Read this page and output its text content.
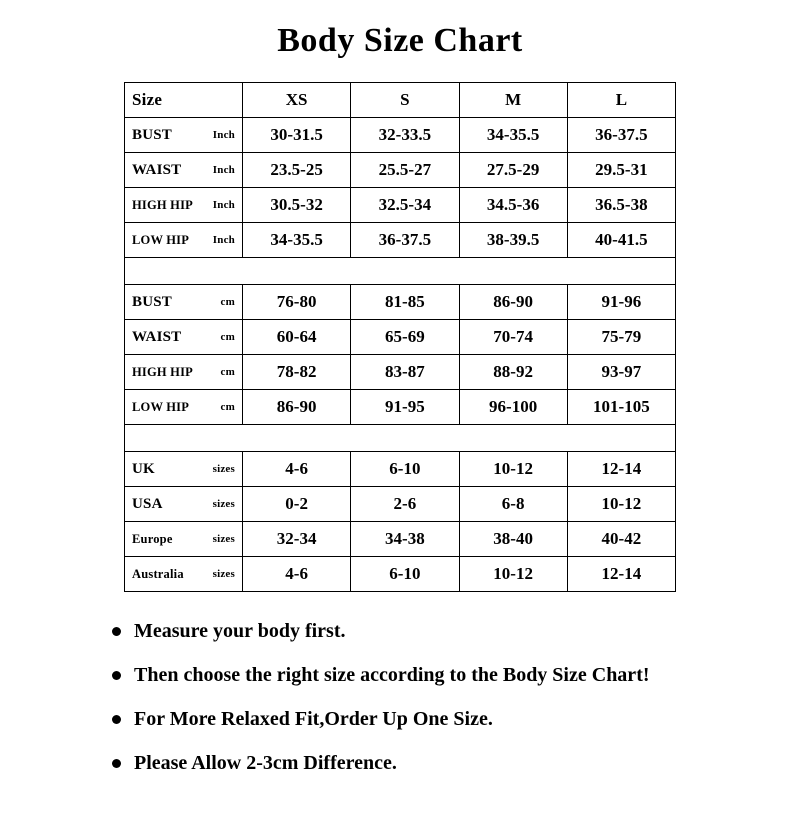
Body Size Chart
Size	XS	S	M	L

BUST Inch	30-31.5	32-33.5	34-35.5	36-37.5

WAIST Inch	23.5-25	25.5-27	27.5-29	29.5-31

HIGH HIP Inch	30.5-32	32.5-34	34.5-36	36.5-38

LOW HIP Inch	34-35.5	36-37.5	38-39.5	40-41.5

BUST cm	76-80	81-85	86-90	91-96

WAIST cm	60-64	65-69	70-74	75-79

HIGH HIP cm	78-82	83-87	88-92	93-97

LOW HIP cm	86-90	91-95	96-100	101-105

UK sizes	4-6	6-10	10-12	12-14

USA sizes	0-2	2-6	6-8	10-12

Europe sizes	32-34	34-38	38-40	40-42

Australia sizes	4-6	6-10	10-12	12-14
Measure your body first.
Then choose the right size according to the Body Size Chart!
For More Relaxed Fit,Order Up One Size.
Please Allow 2-3cm Difference.
